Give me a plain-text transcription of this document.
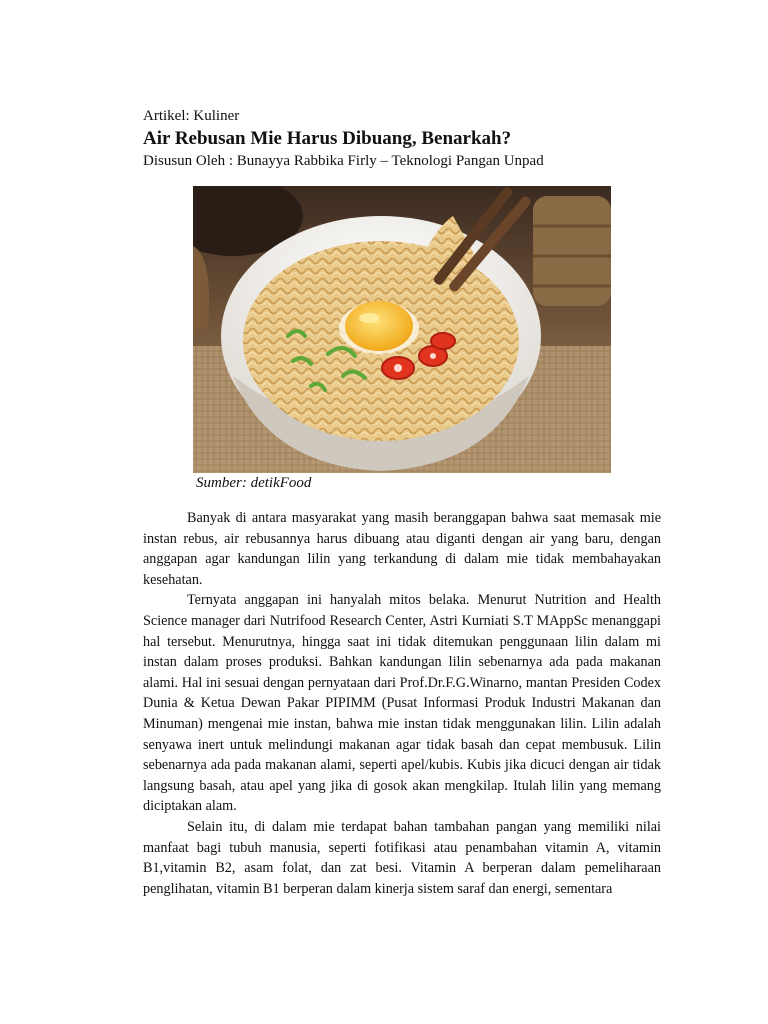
Artikel: Kuliner
Air Rebusan Mie Harus Dibuang, Benarkah?
Disusun Oleh : Bunayya Rabbika Firly – Teknologi Pangan Unpad
Sumber: detikFood

Banyak di antara masyarakat yang masih beranggapan bahwa saat memasak mie instan rebus, air rebusannya harus dibuang atau diganti dengan air yang baru, dengan anggapan agar kandungan lilin yang terkandung di dalam mie tidak membahayakan kesehatan.

Ternyata anggapan ini hanyalah mitos belaka. Menurut Nutrition and Health Science manager dari Nutrifood Research Center, Astri Kurniati S.T MAppSc menanggapi hal tersebut. Menurutnya, hingga saat ini tidak ditemukan penggunaan lilin dalam mi instan dalam proses produksi. Bahkan kandungan lilin sebenarnya ada pada makanan alami. Hal ini sesuai dengan pernyataan dari Prof.Dr.F.G.Winarno, mantan Presiden Codex Dunia & Ketua Dewan Pakar PIPIMM (Pusat Informasi Produk Industri Makanan dan Minuman) mengenai mie instan, bahwa mie instan tidak menggunakan lilin. Lilin adalah senyawa inert untuk melindungi makanan agar tidak basah dan cepat membusuk. Lilin sebenarnya ada pada makanan alami, seperti apel/kubis. Kubis jika dicuci dengan air tidak langsung basah, atau apel yang jika di gosok akan mengkilap. Itulah lilin yang memang diciptakan alam.

Selain itu, di dalam mie terdapat bahan tambahan pangan yang memiliki nilai manfaat bagi tubuh manusia, seperti fotifikasi atau penambahan vitamin A, vitamin B1,vitamin B2, asam folat, dan zat besi. Vitamin A berperan dalam pemeliharaan penglihatan, vitamin B1 berperan dalam kinerja sistem saraf dan energi, sementara
